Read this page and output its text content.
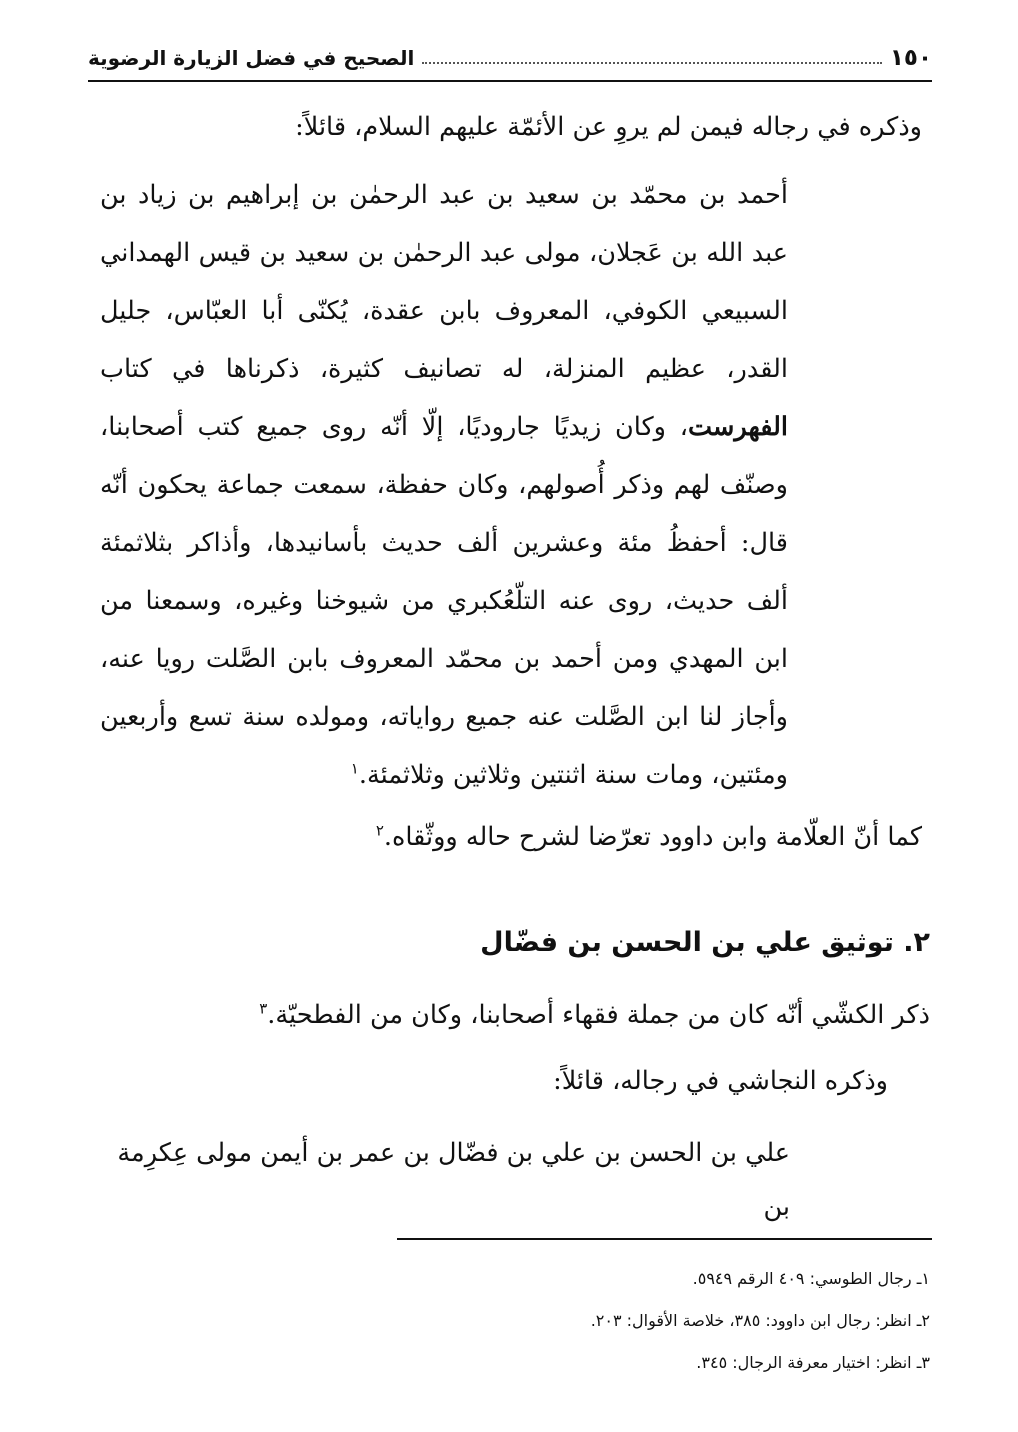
١٥٠
الصحيح في فضل الزيارة الرضوية
وذكره في رجاله فيمن لم يروِ عن الأئمّة عليهم السلام، قائلاً:
أحمد بن محمّد بن سعيد بن عبد الرحمٰن بن إبراهيم بن زياد بن عبد الله بن عَجلان، مولى عبد الرحمٰن بن سعيد بن قيس الهمداني السبيعي الكوفي، المعروف بابن عقدة، يُكنّى أبا العبّاس، جليل القدر، عظيم المنزلة، له تصانيف كثيرة، ذكرناها في كتاب الفهرست، وكان زيديًا جاروديًا، إلّا أنّه روى جميع كتب أصحابنا، وصنّف لهم وذكر أُصولهم، وكان حفظة، سمعت جماعة يحكون أنّه قال: أحفظُ مئة وعشرين ألف حديث بأسانيدها، وأذاكر بثلاثمئة ألف حديث، روى عنه التلّعُكبري من شيوخنا وغيره، وسمعنا من ابن المهدي ومن أحمد بن محمّد المعروف بابن الصَّلت رويا عنه، وأجاز لنا ابن الصَّلت عنه جميع رواياته، ومولده سنة تسع وأربعين ومئتين، ومات سنة اثنتين وثلاثين وثلاثمئة.$^١$
كما أنّ العلّامة وابن داوود تعرّضا لشرح حاله ووثّقاه.$^٢$
٢. توثيق علي بن الحسن بن فضّال
ذكر الكشّي أنّه كان من جملة فقهاء أصحابنا، وكان من الفطحيّة.$^٣$
وذكره النجاشي في رجاله، قائلاً:
علي بن الحسن بن علي بن فضّال بن عمر بن أيمن مولى عِكرِمة بن
١ـ رجال الطوسي: ٤٠٩ الرقم ٥٩٤٩.
٢ـ انظر: رجال ابن داوود: ٣٨٥، خلاصة الأقوال: ٢٠٣.
٣ـ انظر: اختيار معرفة الرجال: ٣٤٥.
